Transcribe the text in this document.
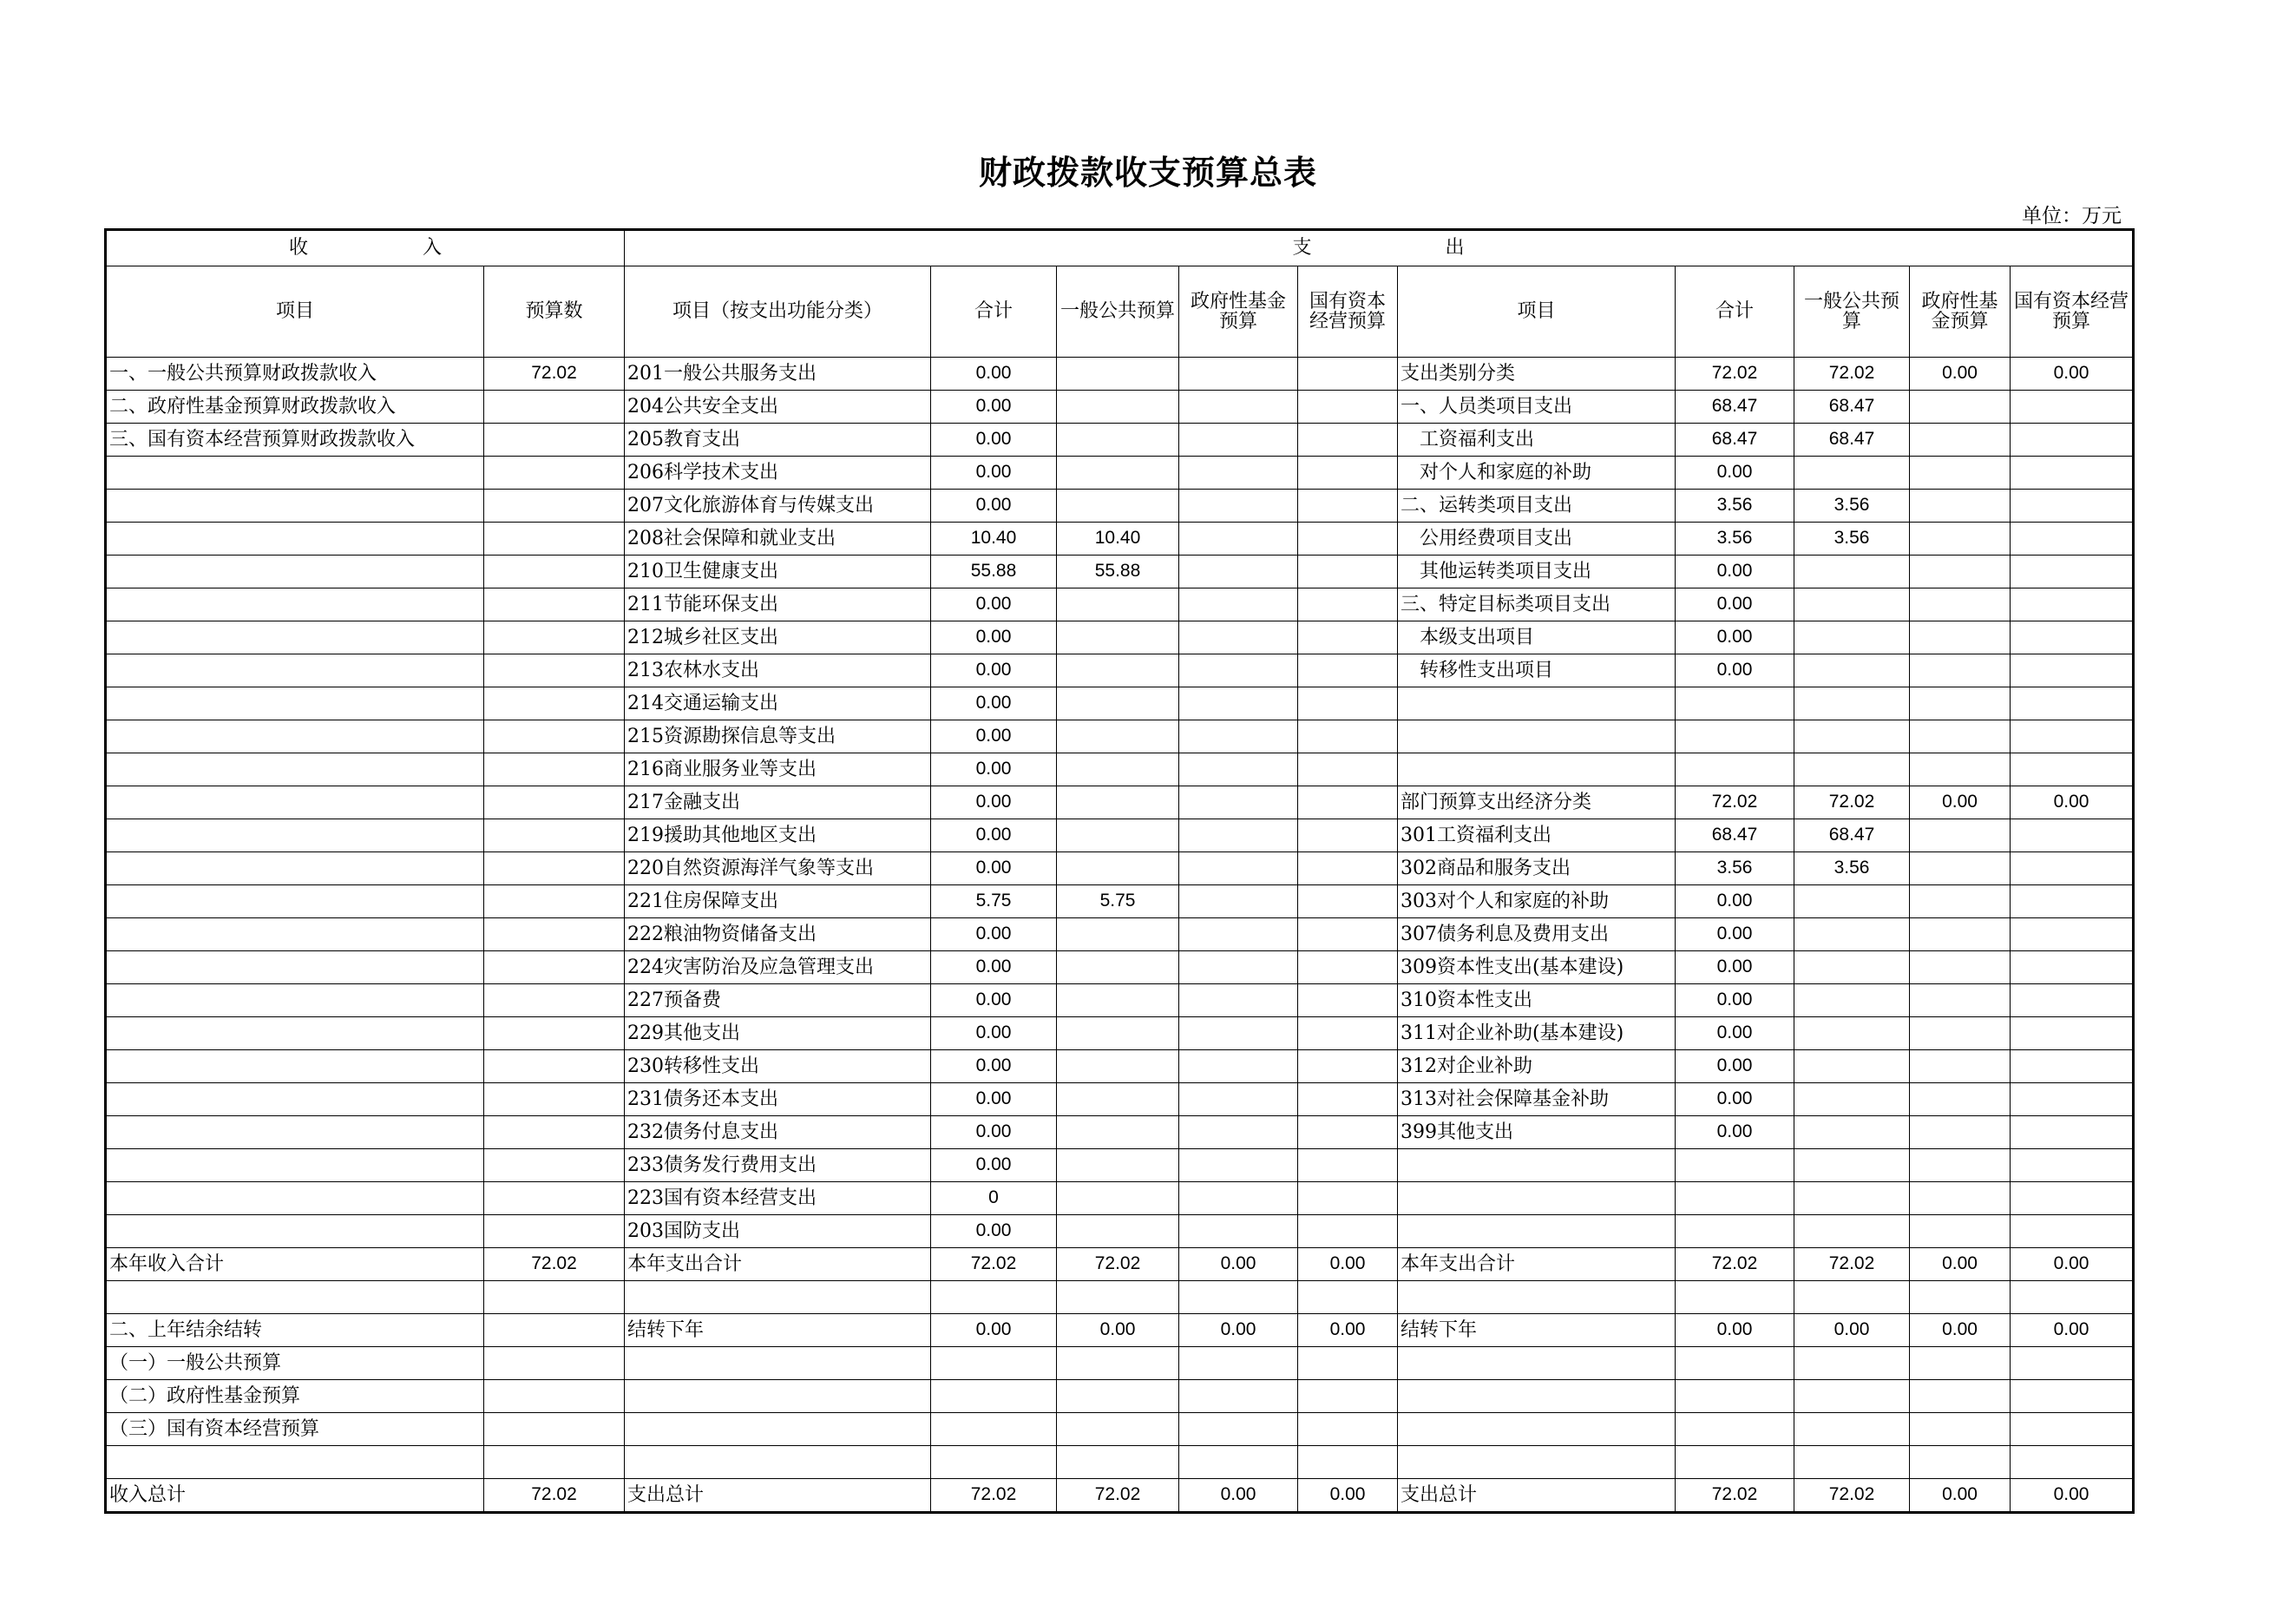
财政拨款收支预算总表
单位：万元
收　　　　　　入		支　　　　　　　出									
项目	预算数	项目（按支出功能分类）	合计	一般公共预算	政府性基金预算	国有资本经营预算	项目	合计	一般公共预算	政府性基金预算	国有资本经营预算
一、一般公共预算财政拨款收入	72.02	201一般公共服务支出	0.00				支出类别分类	72.02	72.02	0.00	0.00
二、政府性基金预算财政拨款收入		204公共安全支出	0.00				一、人员类项目支出	68.47	68.47		
三、国有资本经营预算财政拨款收入		205教育支出	0.00				　工资福利支出	68.47	68.47		
		206科学技术支出	0.00				　对个人和家庭的补助	0.00			
		207文化旅游体育与传媒支出	0.00				二、运转类项目支出	3.56	3.56		
		208社会保障和就业支出	10.40	10.40			　公用经费项目支出	3.56	3.56		
		210卫生健康支出	55.88	55.88			　其他运转类项目支出	0.00			
		211节能环保支出	0.00				三、特定目标类项目支出	0.00			
		212城乡社区支出	0.00				　本级支出项目	0.00			
		213农林水支出	0.00				　转移性支出项目	0.00			
		214交通运输支出	0.00								
		215资源勘探信息等支出	0.00								
		216商业服务业等支出	0.00								
		217金融支出	0.00				部门预算支出经济分类	72.02	72.02	0.00	0.00
		219援助其他地区支出	0.00				301工资福利支出	68.47	68.47		
		220自然资源海洋气象等支出	0.00				302商品和服务支出	3.56	3.56		
		221住房保障支出	5.75	5.75			303对个人和家庭的补助	0.00			
		222粮油物资储备支出	0.00				307债务利息及费用支出	0.00			
		224灾害防治及应急管理支出	0.00				309资本性支出(基本建设)	0.00			
		227预备费	0.00				310资本性支出	0.00			
		229其他支出	0.00				311对企业补助(基本建设)	0.00			
		230转移性支出	0.00				312对企业补助	0.00			
		231债务还本支出	0.00				313对社会保障基金补助	0.00			
		232债务付息支出	0.00				399其他支出	0.00			
		233债务发行费用支出	0.00								
		223国有资本经营支出	0								
		203国防支出	0.00								
本年收入合计	72.02	本年支出合计	72.02	72.02	0.00	0.00	本年支出合计	72.02	72.02	0.00	0.00

二、上年结余结转		结转下年	0.00	0.00	0.00	0.00	结转下年	0.00	0.00	0.00	0.00
（一）一般公共预算											
（二）政府性基金预算											
（三）国有资本经营预算											

收入总计	72.02	支出总计	72.02	72.02	0.00	0.00	支出总计	72.02	72.02	0.00	0.00
